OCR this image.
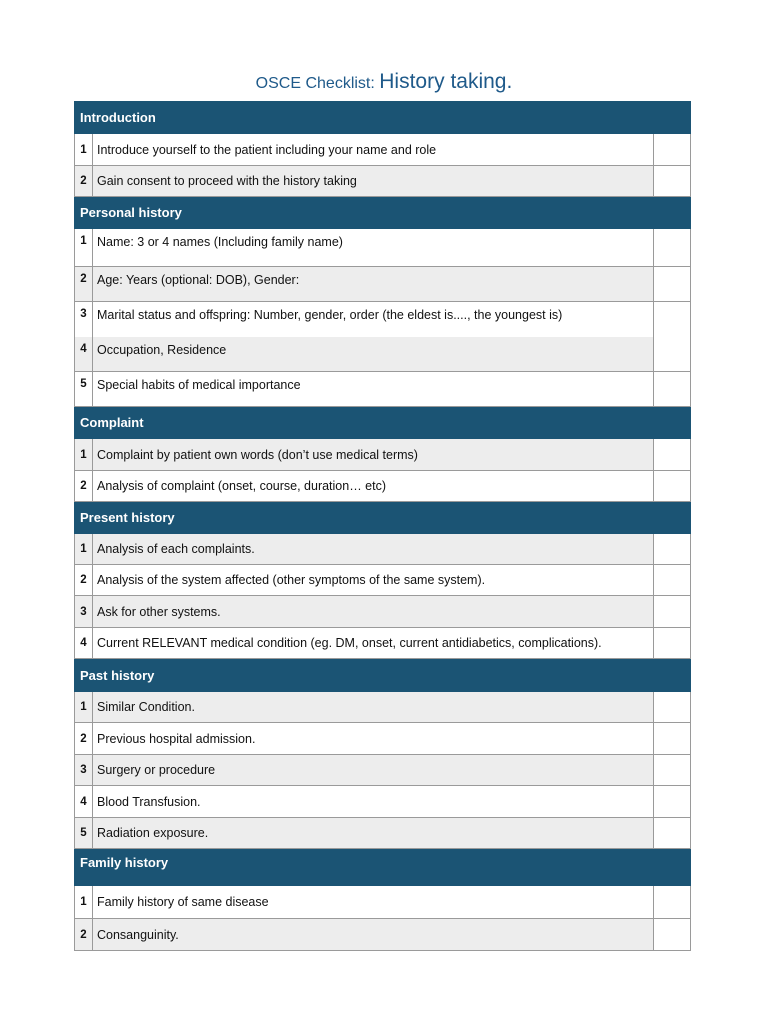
OSCE Checklist: History taking.
Introduction		
1	Introduce yourself to the patient including your name and role	
2	Gain consent to proceed with the history taking	
Personal history		
1	Name: 3 or 4 names (Including family name)	
2	Age: Years (optional: DOB), Gender:	
3	Marital status and offspring: Number, gender, order (the eldest is...., the youngest is)	
4	Occupation, Residence	
5	Special habits of medical importance	
Complaint		
1	Complaint by patient own words (don’t use medical terms)	
2	Analysis of complaint (onset, course, duration… etc)	
Present history		
1	Analysis of each complaints.	
2	Analysis of the system affected (other symptoms of the same system).	
3	Ask for other systems.	
4	Current RELEVANT medical condition (eg. DM, onset, current antidiabetics, complications).	
Past history		
1	Similar Condition.	
2	Previous hospital admission.	
3	Surgery or procedure	
4	Blood Transfusion.	
5	Radiation exposure.	
Family history		
1	Family history of same disease	
2	Consanguinity.	
